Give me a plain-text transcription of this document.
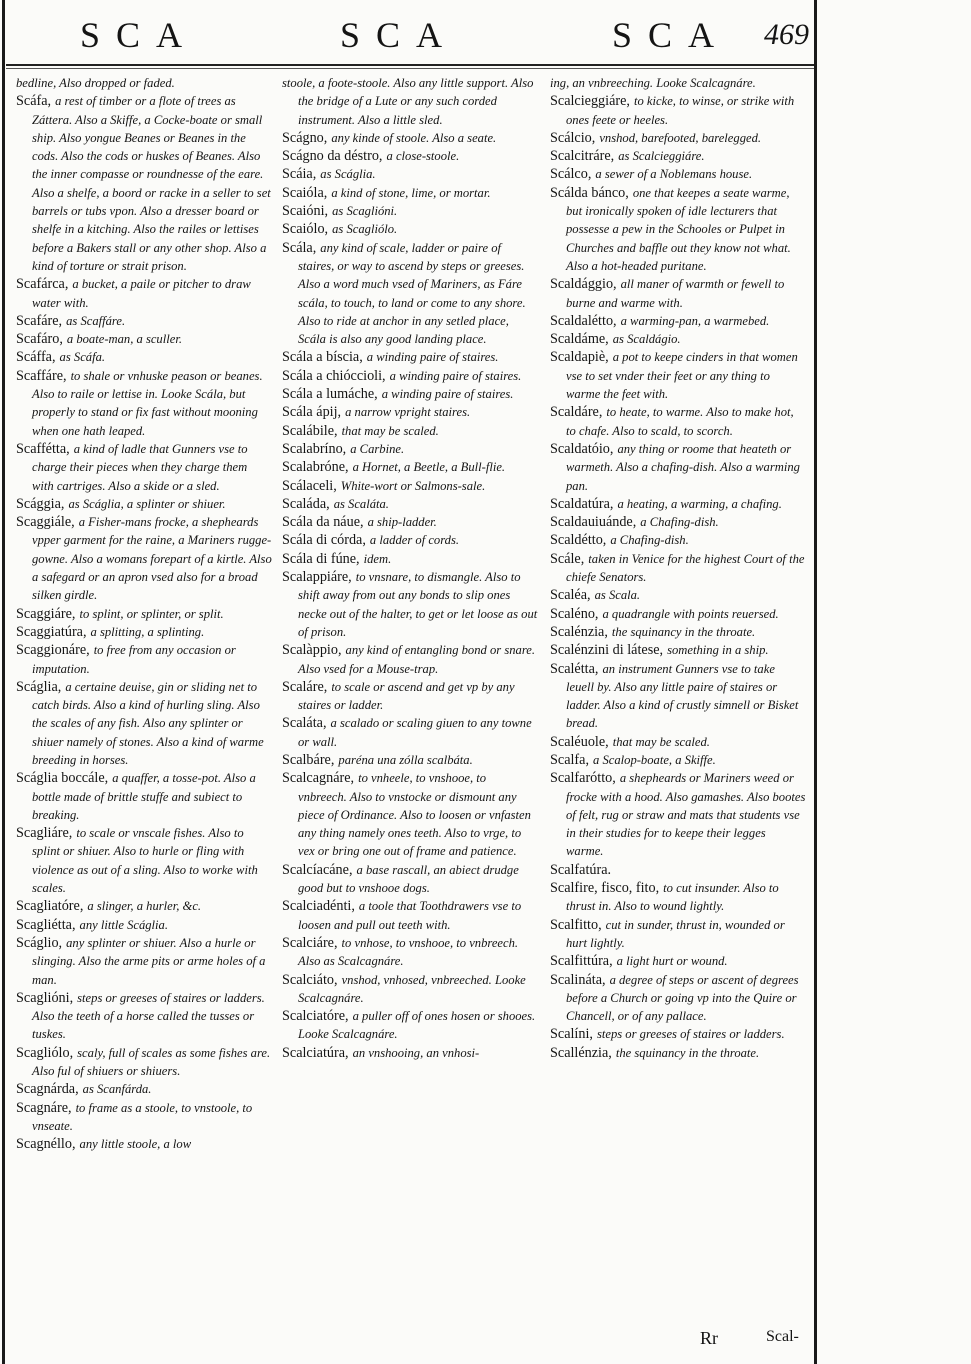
SCA	SCA	SCA 469

bedline, Also dropped or faded.

Scáfa, a rest of timber or a flote of trees as Záttera. Also a Skiffe, a Cocke-boate or small ship. Also yongue Beanes or Beanes in the cods. Also the cods or huskes of Beanes. Also the inner compasse or roundnesse of the eare. Also a shelfe, a boord or racke in a seller to set barrels or tubs vpon. Also a dresser board or shelfe in a kitching. Also the railes or lettises before a Bakers stall or any other shop. Also a kind of torture or strait prison.

Scafárca, a bucket, a paile or pitcher to draw water with.

Scafáre, as Scaffáre.

Scafáro, a boate-man, a sculler.

Scáffa, as Scáfa.

Scaffáre, to shale or vnhuske peason or beanes. Also to raile or lettise in. Looke Scála, but properly to stand or fix fast without mooning when one hath leaped.

Scaffétta, a kind of ladle that Gunners vse to charge their pieces when they charge them with cartriges. Also a skide or a sled.

Scággia, as Scáglia, a splinter or shiuer.

Scaggiále, a Fisher-mans frocke, a shepheards vpper garment for the raine, a Mariners rugge-gowne. Also a womans forepart of a kirtle. Also a safegard or an apron vsed also for a broad silken girdle.

Scaggiáre, to splint, or splinter, or split.

Scaggiatúra, a splitting, a splinting.

Scaggionáre, to free from any occasion or imputation.

Scáglia, a certaine deuise, gin or sliding net to catch birds. Also a kind of hurling sling. Also the scales of any fish. Also any splinter or shiuer namely of stones. Also a kind of warme breeding in horses.

Scáglia boccále, a quaffer, a tosse-pot. Also a bottle made of brittle stuffe and subiect to breaking.

Scagliáre, to scale or vnscale fishes. Also to splint or shiuer. Also to hurle or fling with violence as out of a sling. Also to worke with scales.

Scagliatóre, a slinger, a hurler, &c.

Scagliétta, any little Scáglia.

Scáglio, any splinter or shiuer. Also a hurle or slinging. Also the arme pits or arme holes of a man.

Scaglióni, steps or greeses of staires or ladders. Also the teeth of a horse called the tusses or tuskes.

Scagliólo, scaly, full of scales as some fishes are. Also ful of shiuers or shiuers.

Scagnárda, as Scanfárda.

Scagnáre, to frame as a stoole, to vnstoole, to vnseate.

Scagnéllo, any little stoole, a low

stoole, a foote-stoole. Also any little support. Also the bridge of a Lute or any such corded instrument. Also a little sled.

Scágno, any kinde of stoole. Also a seate.

Scágno da déstro, a close-stoole.

Scáia, as Scáglia.

Scaióla, a kind of stone, lime, or mortar.

Scaióni, as Scaglióni.

Scaiólo, as Scagliólo.

Scála, any kind of scale, ladder or paire of staires, or way to ascend by steps or greeses. Also a word much vsed of Mariners, as Fáre scála, to touch, to land or come to any shore. Also to ride at anchor in any setled place, Scála is also any good landing place.

Scála a bíscia, a winding paire of staires.

Scála a chióccioli, a winding paire of staires.

Scála a lumáche, a winding paire of staires.

Scála ápij, a narrow vpright staires.

Scalábile, that may be scaled.

Scalabríno, a Carbine.

Scalabróne, a Hornet, a Beetle, a Bull-flie.

Scálaceli, White-wort or Salmons-sale.

Scaláda, as Scaláta.

Scála da náue, a ship-ladder.

Scála di córda, a ladder of cords.

Scála di fúne, idem.

Scalappiáre, to vnsnare, to dismangle. Also to shift away from out any bonds to slip ones necke out of the halter, to get or let loose as out of prison.

Scalàppio, any kind of entangling bond or snare. Also vsed for a Mouse-trap.

Scaláre, to scale or ascend and get vp by any staires or ladder.

Scaláta, a scalado or scaling giuen to any towne or wall.

Scalbáre, paréna una zólla scalbáta.

Scalcagnáre, to vnheele, to vnshooe, to vnbreech. Also to vnstocke or dismount any piece of Ordinance. Also to loosen or vnfasten any thing namely ones teeth. Also to vrge, to vex or bring one out of frame and patience.

Scalcíacáne, a base rascall, an abiect drudge good but to vnshooe dogs.

Scalciadénti, a toole that Toothdrawers vse to loosen and pull out teeth with.

Scalciáre, to vnhose, to vnshooe, to vnbreech. Also as Scalcagnáre.

Scalciáto, vnshod, vnhosed, vnbreeched. Looke Scalcagnáre.

Scalciatóre, a puller off of ones hosen or shooes. Looke Scalcagnáre.

Scalciatúra, an vnshooing, an vnhosi-

ing, an vnbreeching. Looke Scalcagnáre.

Scalcieggiáre, to kicke, to winse, or strike with ones feete or heeles.

Scálcio, vnshod, barefooted, barelegged.

Scalcitráre, as Scalcieggiáre.

Scálco, a sewer of a Noblemans house.

Scálda bánco, one that keepes a seate warme, but ironically spoken of idle lecturers that possesse a pew in the Schooles or Pulpet in Churches and baffle out they know not what. Also a hot-headed puritane.

Scaldággio, all maner of warmth or fewell to burne and warme with.

Scaldalétto, a warming-pan, a warmebed.

Scaldáme, as Scaldágio.

Scaldapiè, a pot to keepe cinders in that women vse to set vnder their feet or any thing to warme the feet with.

Scaldáre, to heate, to warme. Also to make hot, to chafe. Also to scald, to scorch.

Scaldatóio, any thing or roome that heateth or warmeth. Also a chafing-dish. Also a warming pan.

Scaldatúra, a heating, a warming, a chafing.

Scaldauiuánde, a Chafing-dish.

Scaldétto, a Chafing-dish.

Scále, taken in Venice for the highest Court of the chiefe Senators.

Scaléa, as Scala.

Scaléno, a quadrangle with points reuersed.

Scalénzia, the squinancy in the throate.

Scalénzini di látese, something in a ship.

Scalétta, an instrument Gunners vse to take leuell by. Also any little paire of staires or ladder. Also a kind of crustly simnell or Bisket bread.

Scaléuole, that may be scaled.

Scalfa, a Scalop-boate, a Skiffe.

Scalfarótto, a shepheards or Mariners weed or frocke with a hood. Also gamashes. Also bootes of felt, rug or straw and mats that students vse in their studies for to keepe their legges warme.

Scalfatúra.

Scalfire, fisco, fito, to cut insunder. Also to thrust in. Also to wound lightly.

Scalfitto, cut in sunder, thrust in, wounded or hurt lightly.

Scalfittúra, a light hurt or wound.

Scalináta, a degree of steps or ascent of degrees before a Church or going vp into the Quire or Chancell, or of any pallace.

Scalíni, steps or greeses of staires or ladders.

Scallénzia, the squinancy in the throate.

Rr	Scal-
